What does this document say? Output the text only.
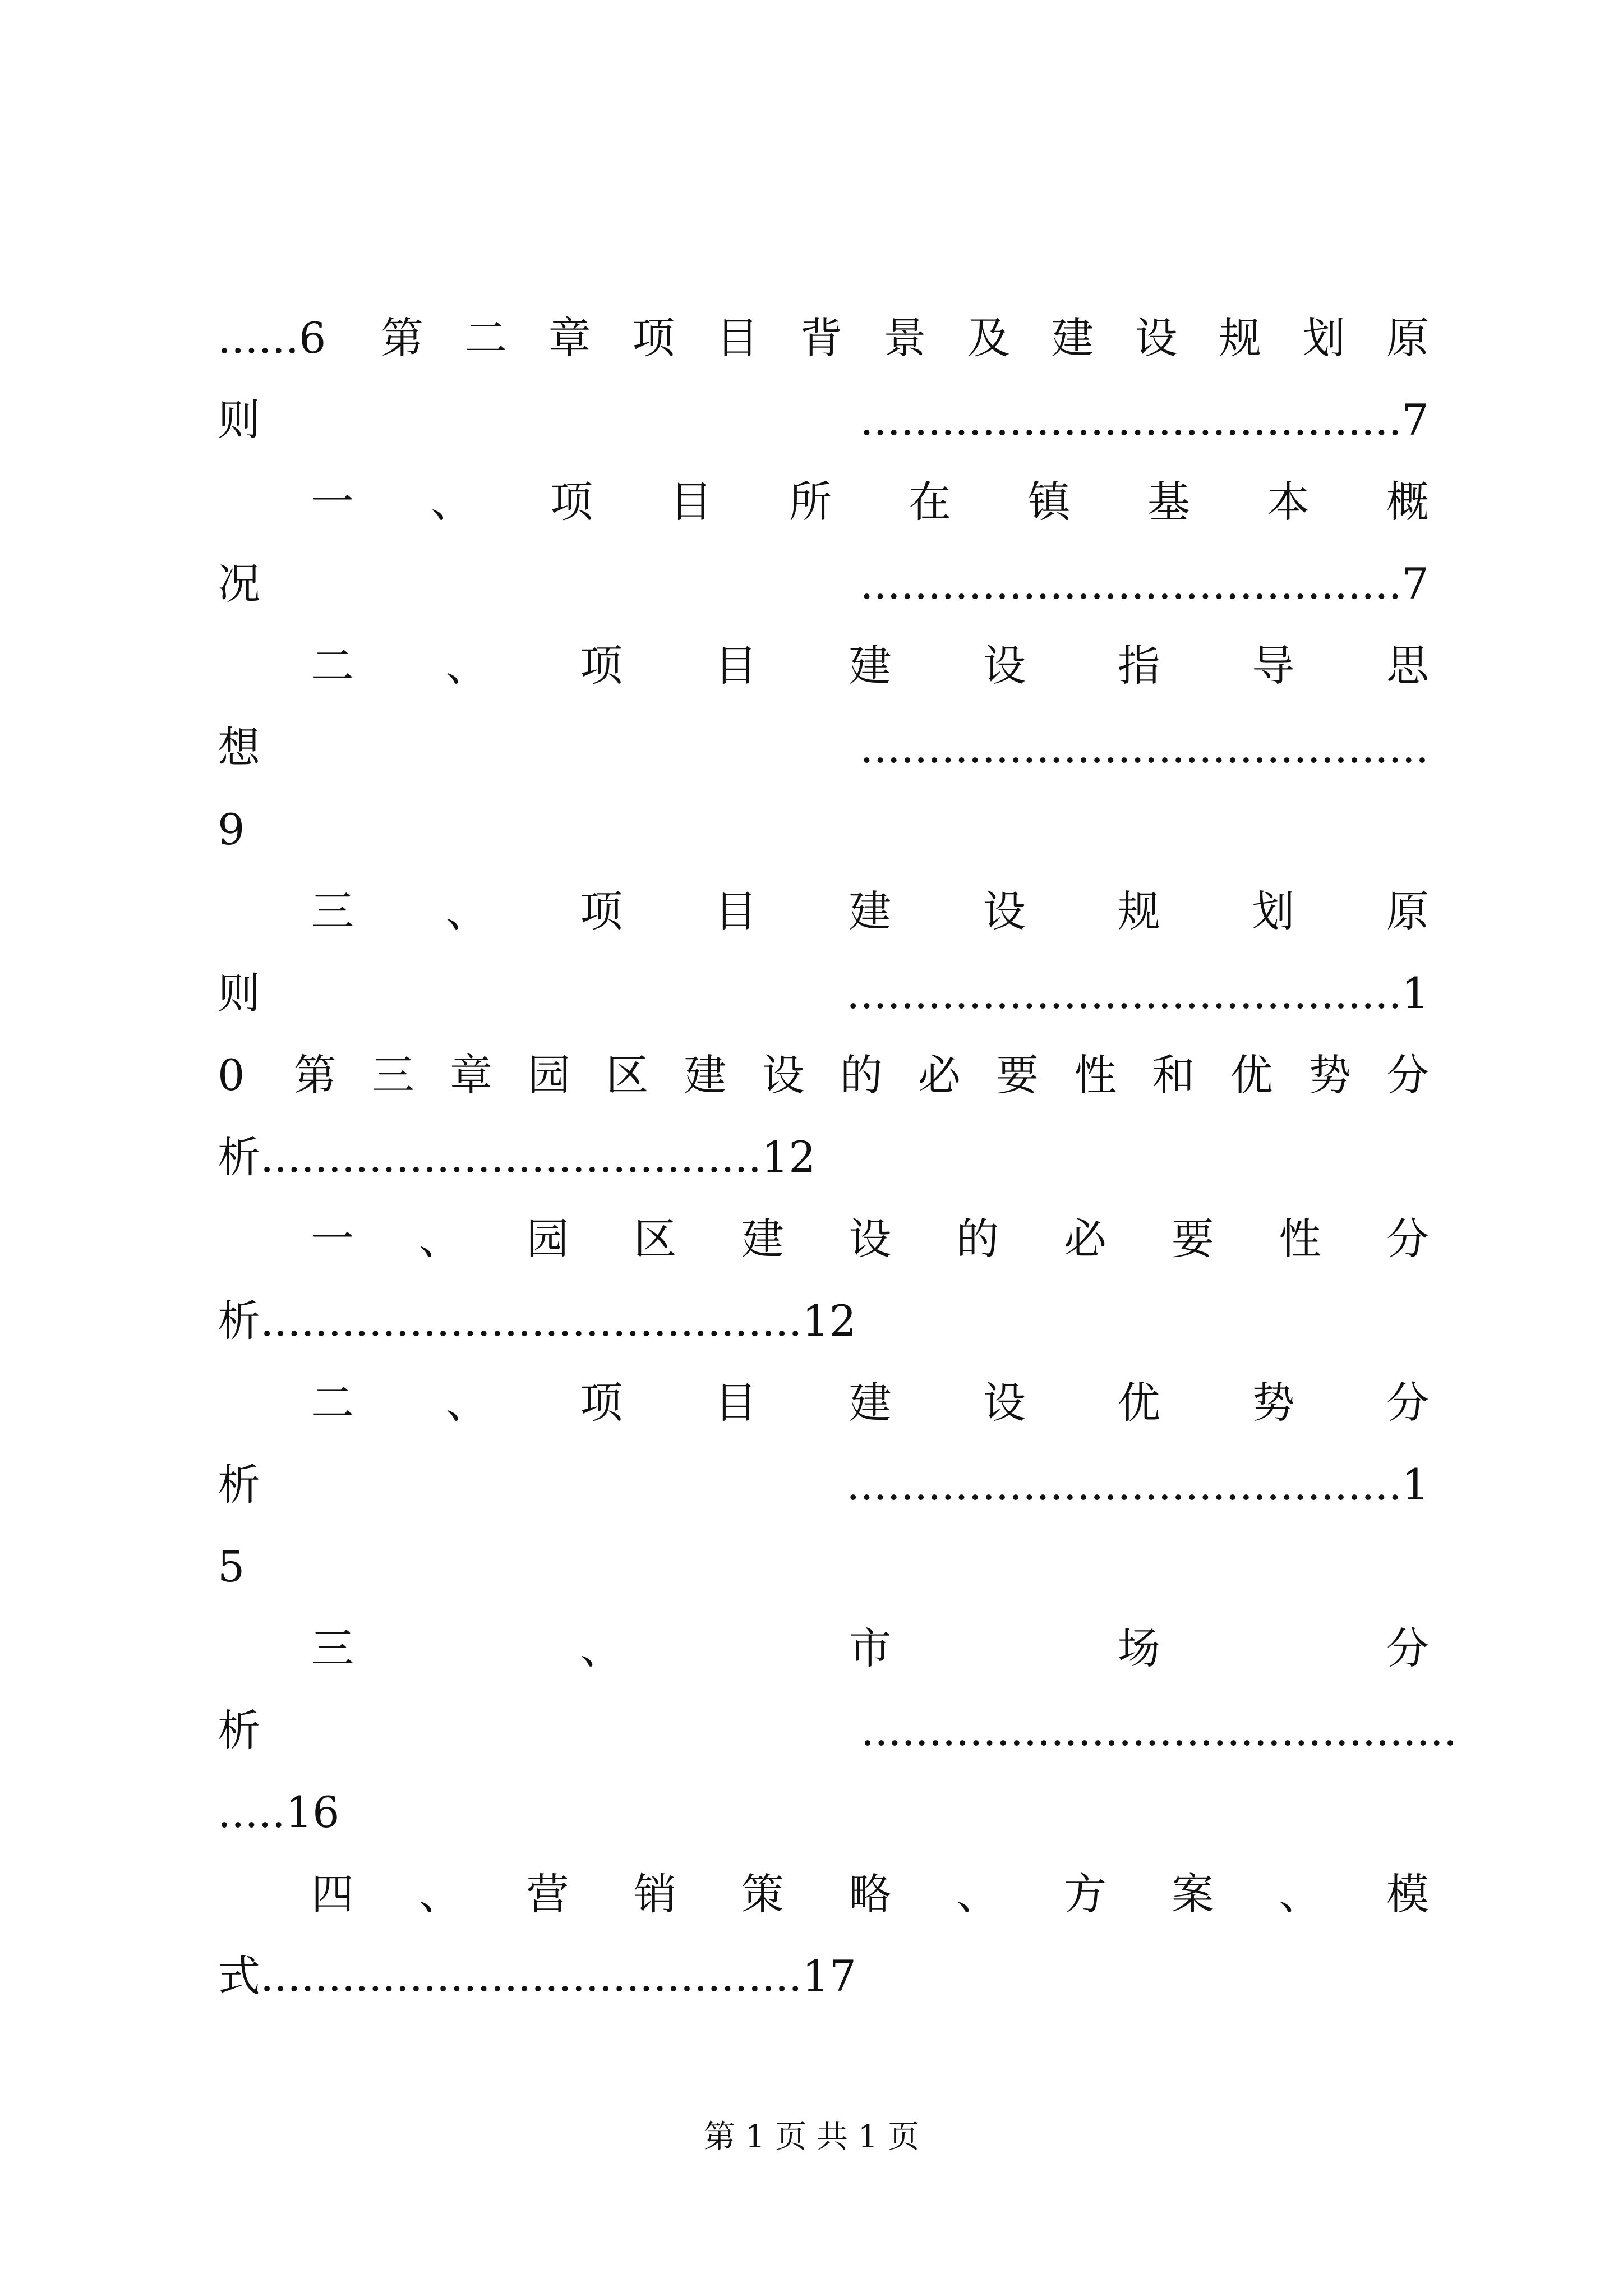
......6 第二章项目背景及建设规划原
则........................................7
一 、 项 目 所 在 镇 基 本 概
况........................................7
二 、 项 目 建 设 指 导 思
想..........................................
9
三 、 项 目 建 设 规 划 原
则.........................................1
0 第三章园区建设的必要性和优势分
析.....................................12
一 、 园 区 建 设 的 必 要 性 分
析........................................12
二 、 项 目 建 设 优 势 分
析.........................................1
5
三 、 市 场 分
析............................................
.....16
四 、 营 销 策 略 、 方 案 、 模
式........................................17
第 1 页 共 1 页
